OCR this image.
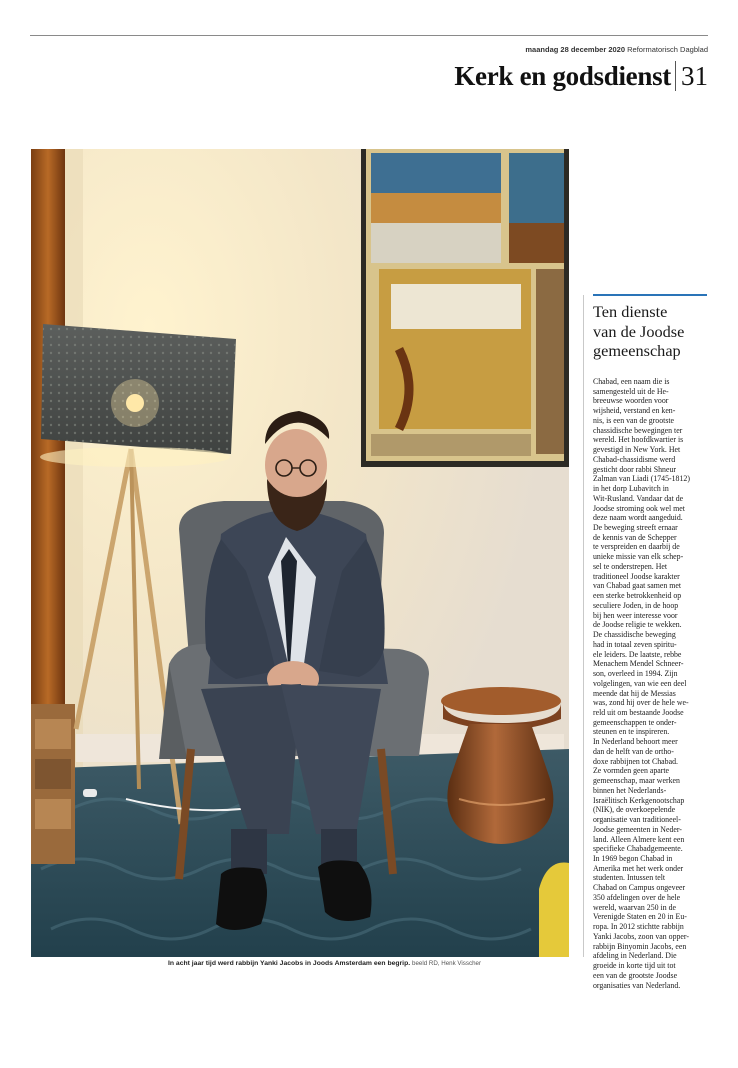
maandag 28 december 2020 Reformatorisch Dagblad
Kerk en godsdienst 31
In acht jaar tijd werd rabbijn Yanki Jacobs in Joods Amsterdam een begrip. beeld RD, Henk Visscher
Ten dienste
van de Joodse
gemeenschap
Chabad, een naam die is
samengesteld uit de He-
breeuwse woorden voor
wijsheid, verstand en ken-
nis, is een van de grootste
chassidische bewegingen ter
wereld. Het hoofdkwartier is
gevestigd in New York. Het
Chabad-chassidisme werd
gesticht door rabbi Shneur
Zalman van Liadi (1745-1812)
in het dorp Lubavitch in
Wit-Rusland. Vandaar dat de
Joodse stroming ook wel met
deze naam wordt aangeduid.
De beweging streeft ernaar
de kennis van de Schepper
te verspreiden en daarbij de
unieke missie van elk schep-
sel te onderstrepen. Het
traditioneel Joodse karakter
van Chabad gaat samen met
een sterke betrokkenheid op
seculiere Joden, in de hoop
bij hen weer interesse voor
de Joodse religie te wekken.
De chassidische beweging
had in totaal zeven spiritu-
ele leiders. De laatste, rebbe
Menachem Mendel Schneer-
son, overleed in 1994. Zijn
volgelingen, van wie een deel
meende dat hij de Messias
was, zond hij over de hele we-
reld uit om bestaande Joodse
gemeenschappen te onder-
steunen en te inspireren.
In Nederland behoort meer
dan de helft van de ortho-
doxe rabbijnen tot Chabad.
Ze vormden geen aparte
gemeenschap, maar werken
binnen het Nederlands-
Israëlitisch Kerkgenootschap
(NIK), de overkoepelende
organisatie van traditioneel-
Joodse gemeenten in Neder-
land. Alleen Almere kent een
specifieke Chabadgemeente.
In 1969 begon Chabad in
Amerika met het werk onder
studenten. Intussen telt
Chabad on Campus ongeveer
350 afdelingen over de hele
wereld, waarvan 250 in de
Verenigde Staten en 20 in Eu-
ropa. In 2012 stichtte rabbijn
Yanki Jacobs, zoon van opper-
rabbijn Binyomin Jacobs, een
afdeling in Nederland. Die
groeide in korte tijd uit tot
een van de grootste Joodse
organisaties van Nederland.
